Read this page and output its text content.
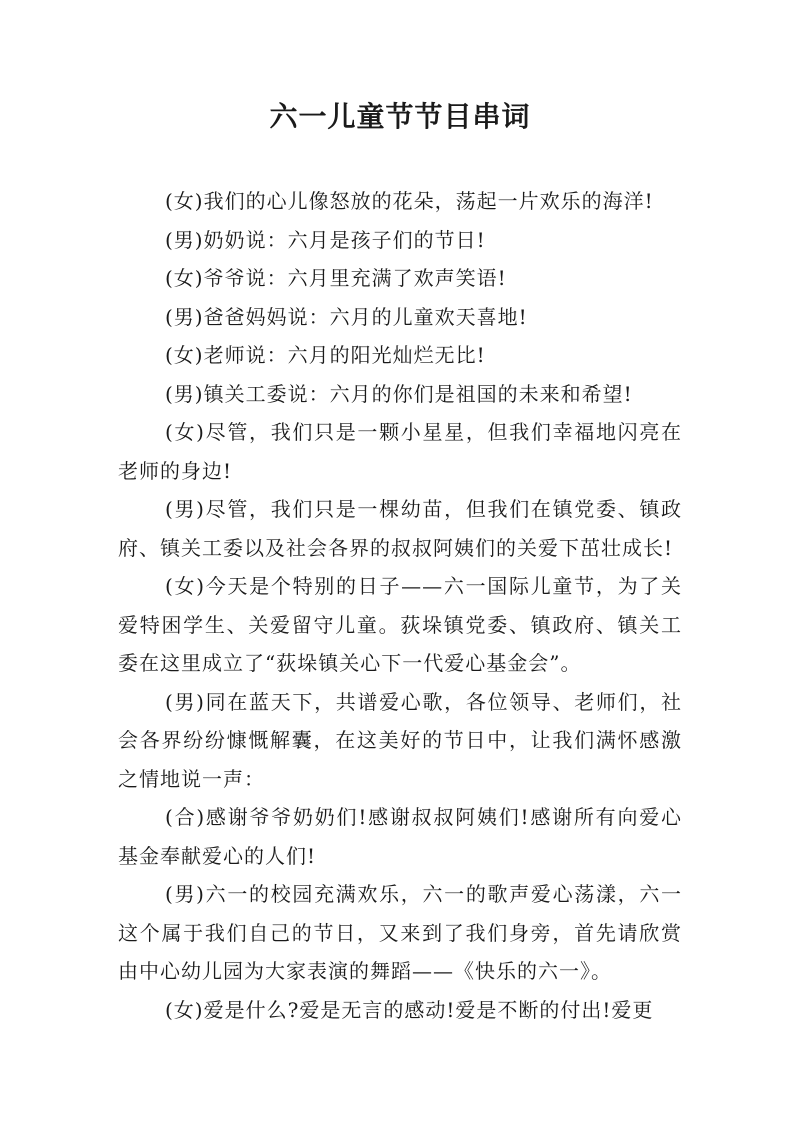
六一儿童节节目串词

(女)我们的心儿像怒放的花朵，荡起一片欢乐的海洋!

(男)奶奶说：六月是孩子们的节日!

(女)爷爷说：六月里充满了欢声笑语!

(男)爸爸妈妈说：六月的儿童欢天喜地!

(女)老师说：六月的阳光灿烂无比!

(男)镇关工委说：六月的你们是祖国的未来和希望!

(女)尽管，我们只是一颗小星星，但我们幸福地闪亮在老师的身边!

(男)尽管，我们只是一棵幼苗，但我们在镇党委、镇政府、镇关工委以及社会各界的叔叔阿姨们的关爱下茁壮成长!

(女)今天是个特别的日子——六一国际儿童节，为了关爱特困学生、关爱留守儿童。荻垛镇党委、镇政府、镇关工委在这里成立了“荻垛镇关心下一代爱心基金会”。

(男)同在蓝天下，共谱爱心歌，各位领导、老师们，社会各界纷纷慷慨解囊，在这美好的节日中，让我们满怀感激之情地说一声：

(合)感谢爷爷奶奶们!感谢叔叔阿姨们!感谢所有向爱心基金奉献爱心的人们!

(男)六一的校园充满欢乐，六一的歌声爱心荡漾，六一这个属于我们自己的节日，又来到了我们身旁，首先请欣赏由中心幼儿园为大家表演的舞蹈——《快乐的六一》。

(女)爱是什么?爱是无言的感动!爱是不断的付出!爱更
